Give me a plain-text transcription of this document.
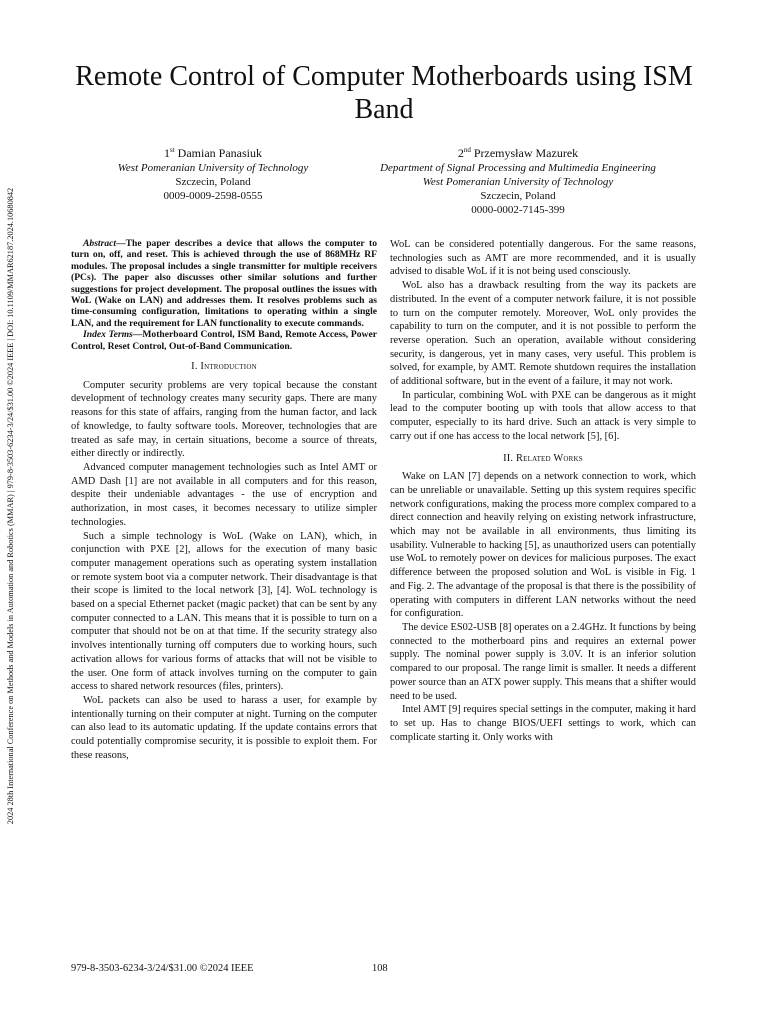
Remote Control of Computer Motherboards using ISM Band
1st Damian Panasiuk
West Pomeranian University of Technology
Szczecin, Poland
0009-0009-2598-0555
2nd Przemysław Mazurek
Department of Signal Processing and Multimedia Engineering
West Pomeranian University of Technology
Szczecin, Poland
0000-0002-7145-399

Abstract—The paper describes a device that allows the computer to turn on, off, and reset. This is achieved through the use of 868MHz RF modules. The proposal includes a single transmitter for multiple receivers (PCs). The paper also discusses other similar solutions and further suggestions for project development. The proposal outlines the issues with WoL (Wake on LAN) and addresses them. It resolves problems such as time-consuming configuration, limitations to operating within a single LAN, and the requirement for LAN functionality to execute commands.

Index Terms—Motherboard Control, ISM Band, Remote Access, Power Control, Reset Control, Out-of-Band Communication.

I. Introduction

Computer security problems are very topical because the constant development of technology creates many security gaps. There are many reasons for this state of affairs, ranging from the human factor, and lack of knowledge, to faulty software tools. Moreover, technologies that are treated as safe may, in certain situations, become a source of threats, either directly or indirectly.

Advanced computer management technologies such as Intel AMT or AMD Dash [1] are not available in all computers and for this reason, despite their undeniable advantages - the use of encryption and authorization, in most cases, it becomes necessary to utilize simpler technologies.

Such a simple technology is WoL (Wake on LAN), which, in conjunction with PXE [2], allows for the execution of many basic computer management operations such as operating system installation or remote system boot via a computer network. Their disadvantage is that their scope is limited to the local network [3], [4]. WoL technology is based on a special Ethernet packet (magic packet) that can be sent by any computer connected to a LAN. This means that it is possible to turn on a computer that should not be on at that time. If the security strategy also involves intentionally turning off computers due to working hours, such activation allows for various forms of attacks that will not be visible to the user. One form of attack involves turning on the computer to gain access to shared network resources (files, printers).

WoL packets can also be used to harass a user, for example by intentionally turning on their computer at night. Turning on the computer can also lead to its automatic updating. If the update contains errors that could potentially compromise security, it is possible to exploit them. For these reasons,

WoL can be considered potentially dangerous. For the same reasons, technologies such as AMT are more recommended, and it is usually advised to disable WoL if it is not being used consciously.

WoL also has a drawback resulting from the way its packets are distributed. In the event of a computer network failure, it is not possible to turn on the computer remotely. Moreover, WoL only provides the capability to turn on the computer, and it is not possible to perform the reverse operation. Such an operation, available without considering security, is dangerous, yet in many cases, very useful. This problem is solved, for example, by AMT. Remote shutdown requires the installation of additional software, but in the event of a failure, it may not work.

In particular, combining WoL with PXE can be dangerous as it might lead to the computer booting up with tools that allow access to that computer, especially to its hard drive. Such an attack is very simple to carry out if one has access to the local network [5], [6].

II. Related Works

Wake on LAN [7] depends on a network connection to work, which can be unreliable or unavailable. Setting up this system requires specific network configurations, making the process more complex compared to a direct connection and heavily relying on existing network infrastructure, which may not be available in all environments, thus limiting its usability. Vulnerable to hacking [5], as unauthorized users can potentially use WoL to remotely power on devices for malicious purposes. The exact difference between the proposed solution and WoL is visible in Fig. 1 and Fig. 2. The advantage of the proposal is that there is the possibility of operating with computers in different LAN networks without the need for configuration.

The device ES02-USB [8] operates on a 2.4GHz. It functions by being connected to the motherboard pins and requires an external power supply. The nominal power supply is 3.0V. It is an inferior solution compared to our proposal. The range limit is smaller. It needs a different power source than an ATX power supply. This means that a shifter would need to be used.

Intel AMT [9] requires special settings in the computer, making it hard to set up. Has to change BIOS/UEFI settings to work, which can complicate starting it. Only works with

2024 28th International Conference on Methods and Models in Automation and Robotics (MMAR) | 979-8-3503-6234-3/24/$31.00 ©2024 IEEE | DOI: 10.1109/MMAR62187.2024.10680842
979-8-3503-6234-3/24/$31.00 ©2024 IEEE	108
